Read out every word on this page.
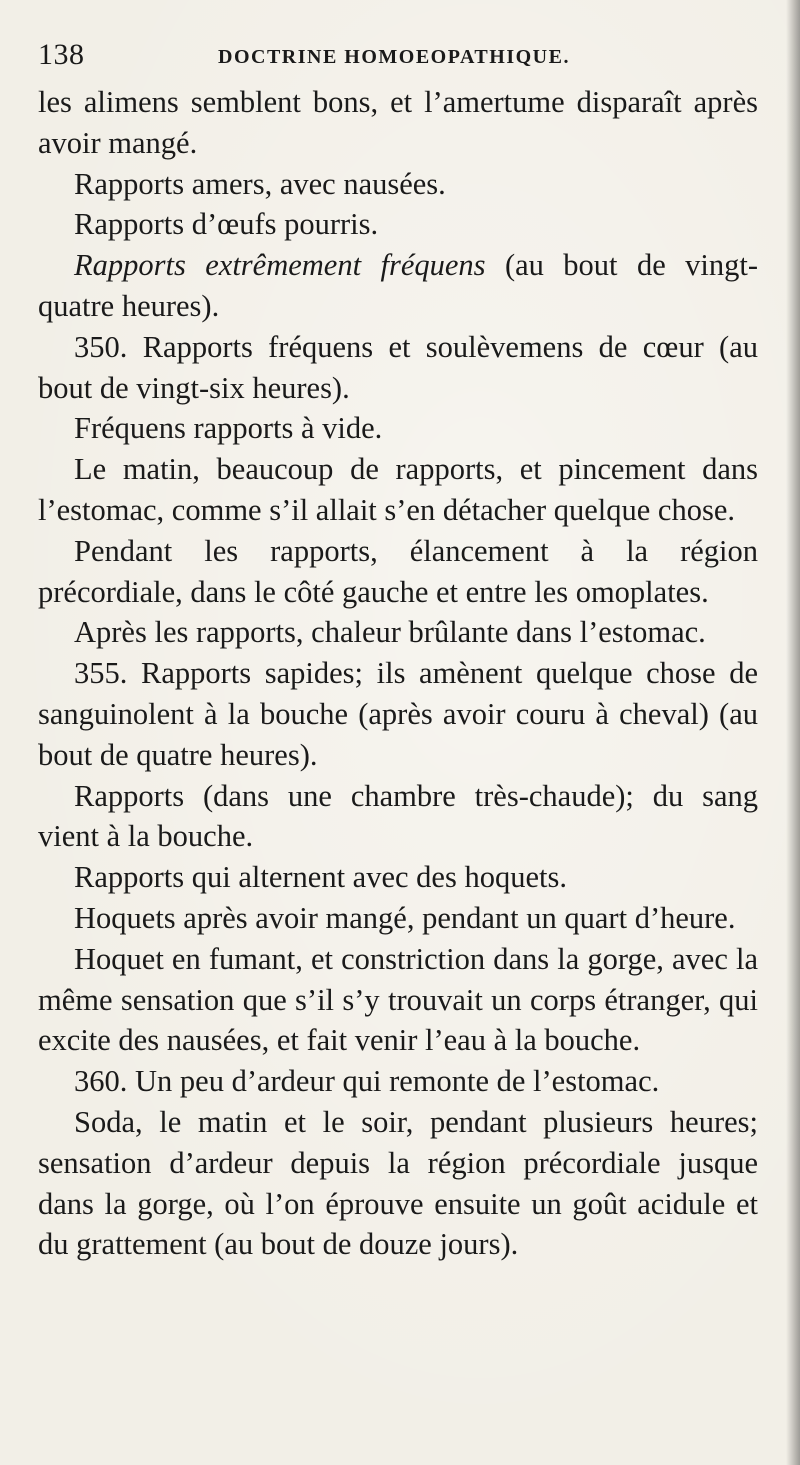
138	DOCTRINE HOMOEOPATHIQUE.

les alimens semblent bons, et l’amertume disparaît après avoir mangé.

Rapports amers, avec nausées.

Rapports d’œufs pourris.

Rapports extrêmement fréquens (au bout de vingt-quatre heures).

350. Rapports fréquens et soulèvemens de cœur (au bout de vingt-six heures).

Fréquens rapports à vide.

Le matin, beaucoup de rapports, et pincement dans l’estomac, comme s’il allait s’en détacher quelque chose.

Pendant les rapports, élancement à la région précordiale, dans le côté gauche et entre les omoplates.

Après les rapports, chaleur brûlante dans l’estomac.

355. Rapports sapides; ils amènent quelque chose de sanguinolent à la bouche (après avoir couru à cheval) (au bout de quatre heures).

Rapports (dans une chambre très-chaude); du sang vient à la bouche.

Rapports qui alternent avec des hoquets.

Hoquets après avoir mangé, pendant un quart d’heure.

Hoquet en fumant, et constriction dans la gorge, avec la même sensation que s’il s’y trouvait un corps étranger, qui excite des nausées, et fait venir l’eau à la bouche.

360. Un peu d’ardeur qui remonte de l’estomac.

Soda, le matin et le soir, pendant plusieurs heures; sensation d’ardeur depuis la région précordiale jusque dans la gorge, où l’on éprouve ensuite un goût acidule et du grattement (au bout de douze jours).
